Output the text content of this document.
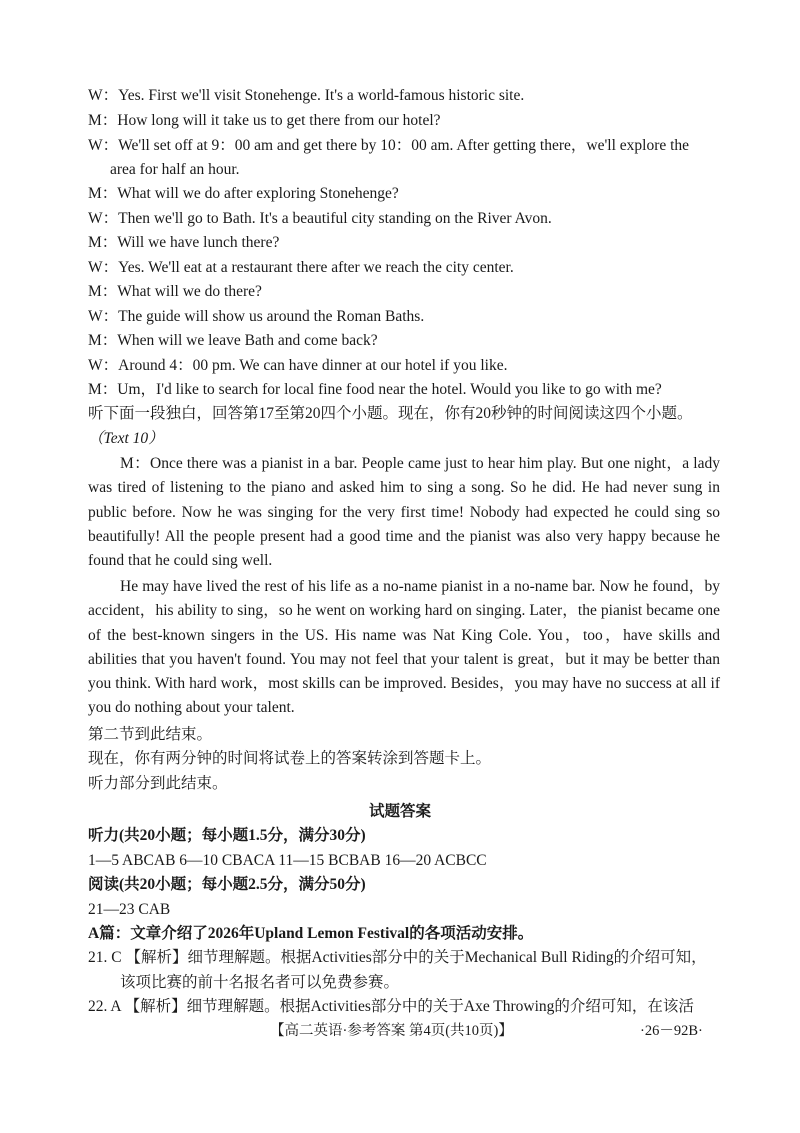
W：Yes. First we'll visit Stonehenge. It's a world-famous historic site.
M：How long will it take us to get there from our hotel?
W：We'll set off at 9：00 am and get there by 10：00 am. After getting there，we'll explore the
area for half an hour.
M：What will we do after exploring Stonehenge?
W：Then we'll go to Bath. It's a beautiful city standing on the River Avon.
M：Will we have lunch there?
W：Yes. We'll eat at a restaurant there after we reach the city center.
M：What will we do there?
W：The guide will show us around the Roman Baths.
M：When will we leave Bath and come back?
W：Around 4：00 pm. We can have dinner at our hotel if you like.
M：Um，I'd like to search for local fine food near the hotel. Would you like to go with me?
听下面一段独白，回答第17至第20四个小题。现在，你有20秒钟的时间阅读这四个小题。
（Text 10）
M：Once there was a pianist in a bar. People came just to hear him play. But one night，a lady was tired of listening to the piano and asked him to sing a song. So he did. He had never sung in public before. Now he was singing for the very first time! Nobody had expected he could sing so beautifully! All the people present had a good time and the pianist was also very happy because he found that he could sing well.
He may have lived the rest of his life as a no-name pianist in a no-name bar. Now he found，by accident，his ability to sing，so he went on working hard on singing. Later，the pianist became one of the best-known singers in the US. His name was Nat King Cole. You，too，have skills and abilities that you haven't found. You may not feel that your talent is great，but it may be better than you think. With hard work，most skills can be improved. Besides，you may have no success at all if you do nothing about your talent.
第二节到此结束。
现在，你有两分钟的时间将试卷上的答案转涂到答题卡上。
听力部分到此结束。
试题答案
听力(共20小题；每小题1.5分，满分30分)
1—5 ABCAB 6—10 CBACA 11—15 BCBAB 16—20 ACBCC
阅读(共20小题；每小题2.5分，满分50分)
21—23 CAB
A篇：文章介绍了2026年Upland Lemon Festival的各项活动安排。
21. C 【解析】细节理解题。根据Activities部分中的关于Mechanical Bull Riding的介绍可知，
该项比赛的前十名报名者可以免费参赛。
22. A 【解析】细节理解题。根据Activities部分中的关于Axe Throwing的介绍可知，在该活
【高二英语·参考答案 第4页(共10页)】	·26－92B·
